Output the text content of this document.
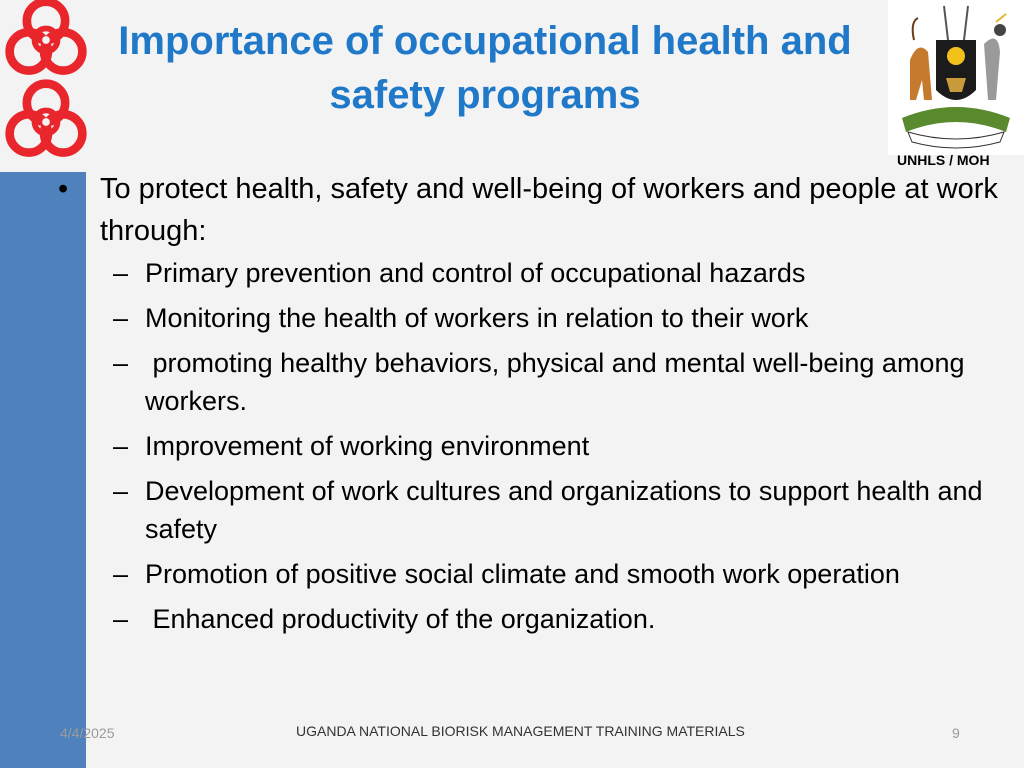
Importance of occupational health and safety programs
UNHLS / MOH
• To protect health, safety and well-being of workers and people at work through:
– Primary prevention and control of occupational hazards
– Monitoring the health of workers in relation to their work
– promoting healthy behaviors, physical and mental well-being among workers.
– Improvement of working environment
– Development of work cultures and organizations to support health and safety
– Promotion of positive social climate and smooth work operation
– Enhanced productivity of the organization.
4/4/2025	UGANDA NATIONAL BIORISK MANAGEMENT TRAINING MATERIALS	9
